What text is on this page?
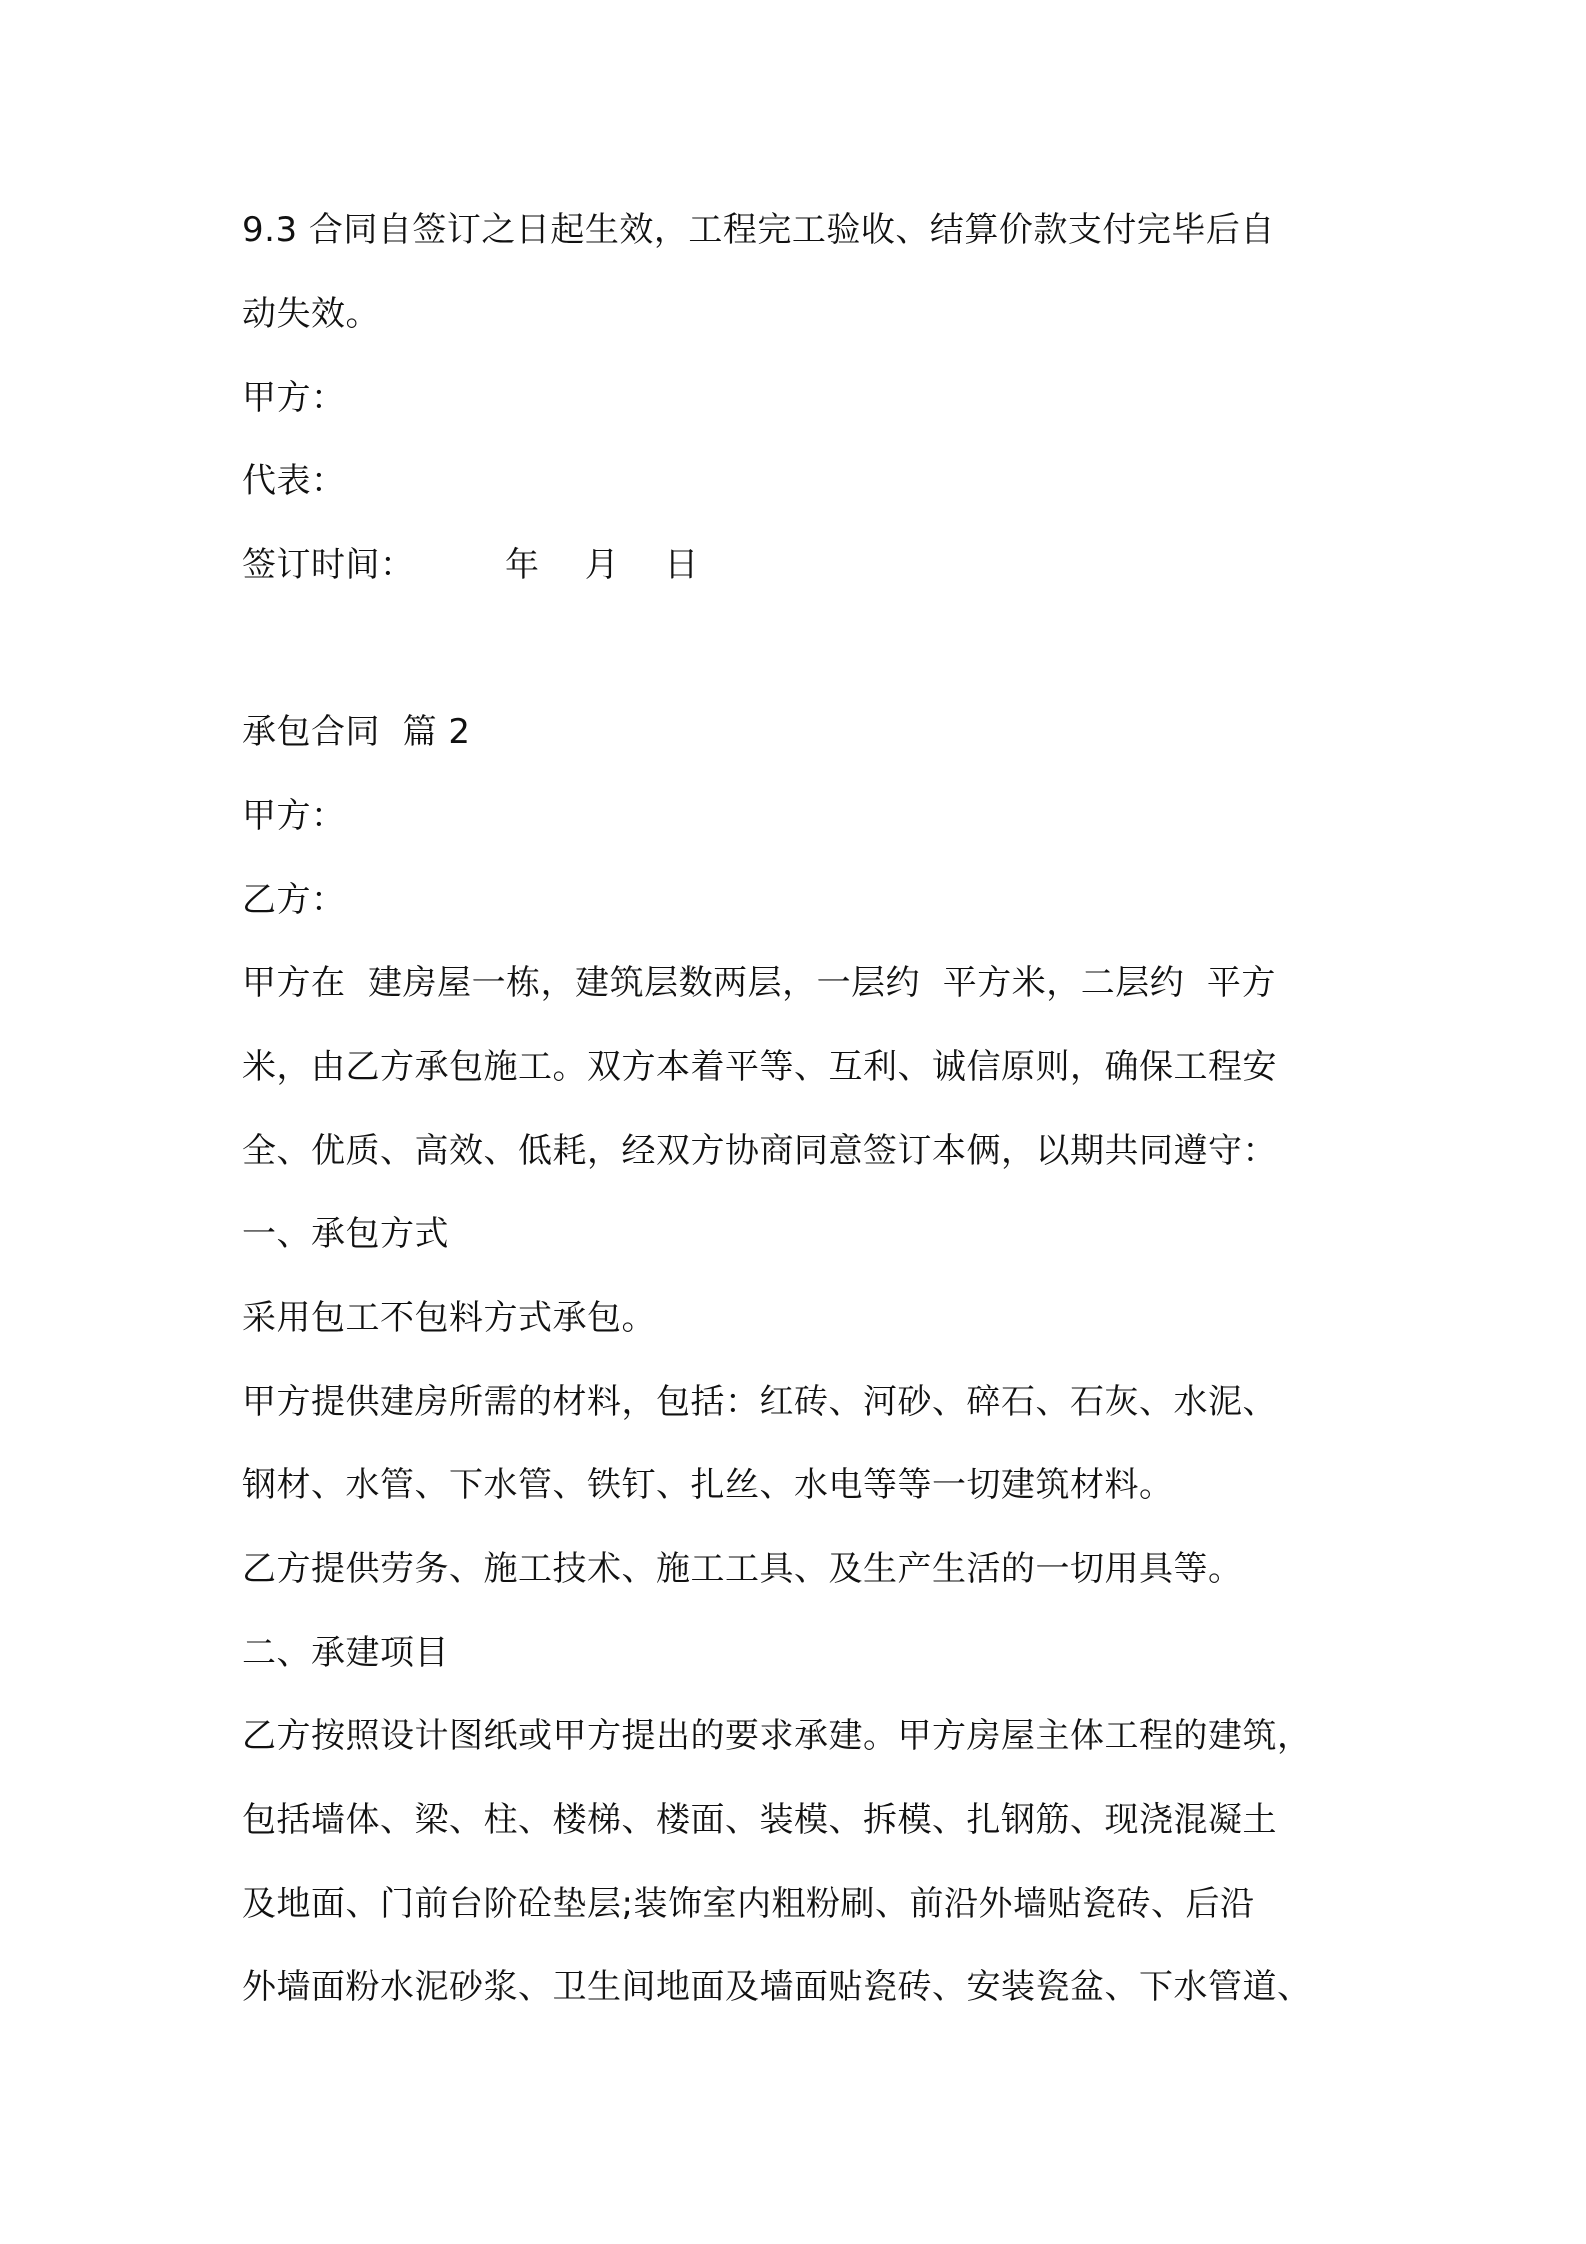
9.3 合同自签订之日起生效，工程完工验收、结算价款支付完毕后自

动失效。

甲方：

代表：

签订时间：        年    月    日

承包合同  篇 2

甲方：

乙方：

甲方在  建房屋一栋，建筑层数两层，一层约  平方米，二层约  平方

米，由乙方承包施工。双方本着平等、互利、诚信原则，确保工程安

全、优质、高效、低耗，经双方协商同意签订本俩，以期共同遵守：

一、承包方式

采用包工不包料方式承包。

甲方提供建房所需的材料，包括：红砖、河砂、碎石、石灰、水泥、

钢材、水管、下水管、铁钉、扎丝、水电等等一切建筑材料。

乙方提供劳务、施工技术、施工工具、及生产生活的一切用具等。

二、承建项目

乙方按照设计图纸或甲方提出的要求承建。甲方房屋主体工程的建筑，

包括墙体、梁、柱、楼梯、楼面、装模、拆模、扎钢筋、现浇混凝土

及地面、门前台阶砼垫层;装饰室内粗粉刷、前沿外墙贴瓷砖、后沿

外墙面粉水泥砂浆、卫生间地面及墙面贴瓷砖、安装瓷盆、下水管道、
